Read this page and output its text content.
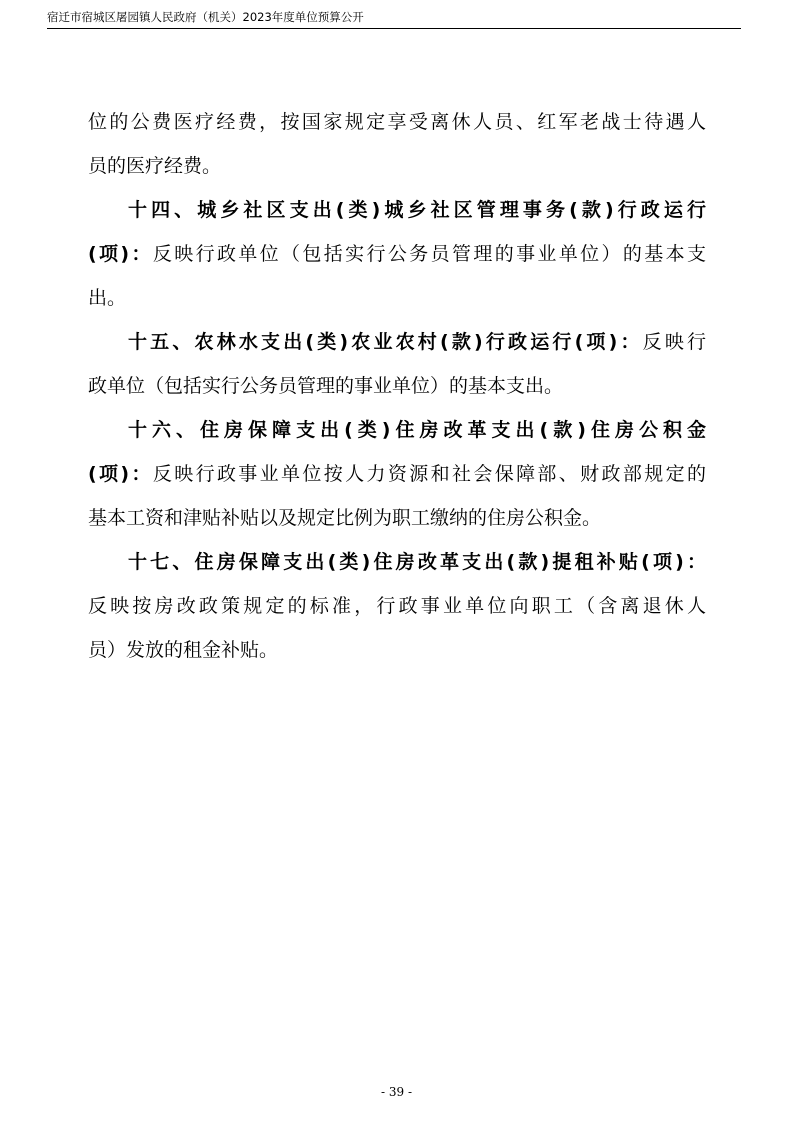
宿迁市宿城区屠园镇人民政府（机关）2023年度单位预算公开
位的公费医疗经费，按国家规定享受离休人员、红军老战士待遇人
员的医疗经费。
十四、城乡社区支出(类)城乡社区管理事务(款)行政运行
(项)：反映行政单位（包括实行公务员管理的事业单位）的基本支
出。
十五、农林水支出(类)农业农村(款)行政运行(项)：反映行
政单位（包括实行公务员管理的事业单位）的基本支出。
十六、住房保障支出(类)住房改革支出(款)住房公积金
(项)：反映行政事业单位按人力资源和社会保障部、财政部规定的
基本工资和津贴补贴以及规定比例为职工缴纳的住房公积金。
十七、住房保障支出(类)住房改革支出(款)提租补贴(项)：
反映按房改政策规定的标准，行政事业单位向职工（含离退休人
员）发放的租金补贴。
- 39 -
